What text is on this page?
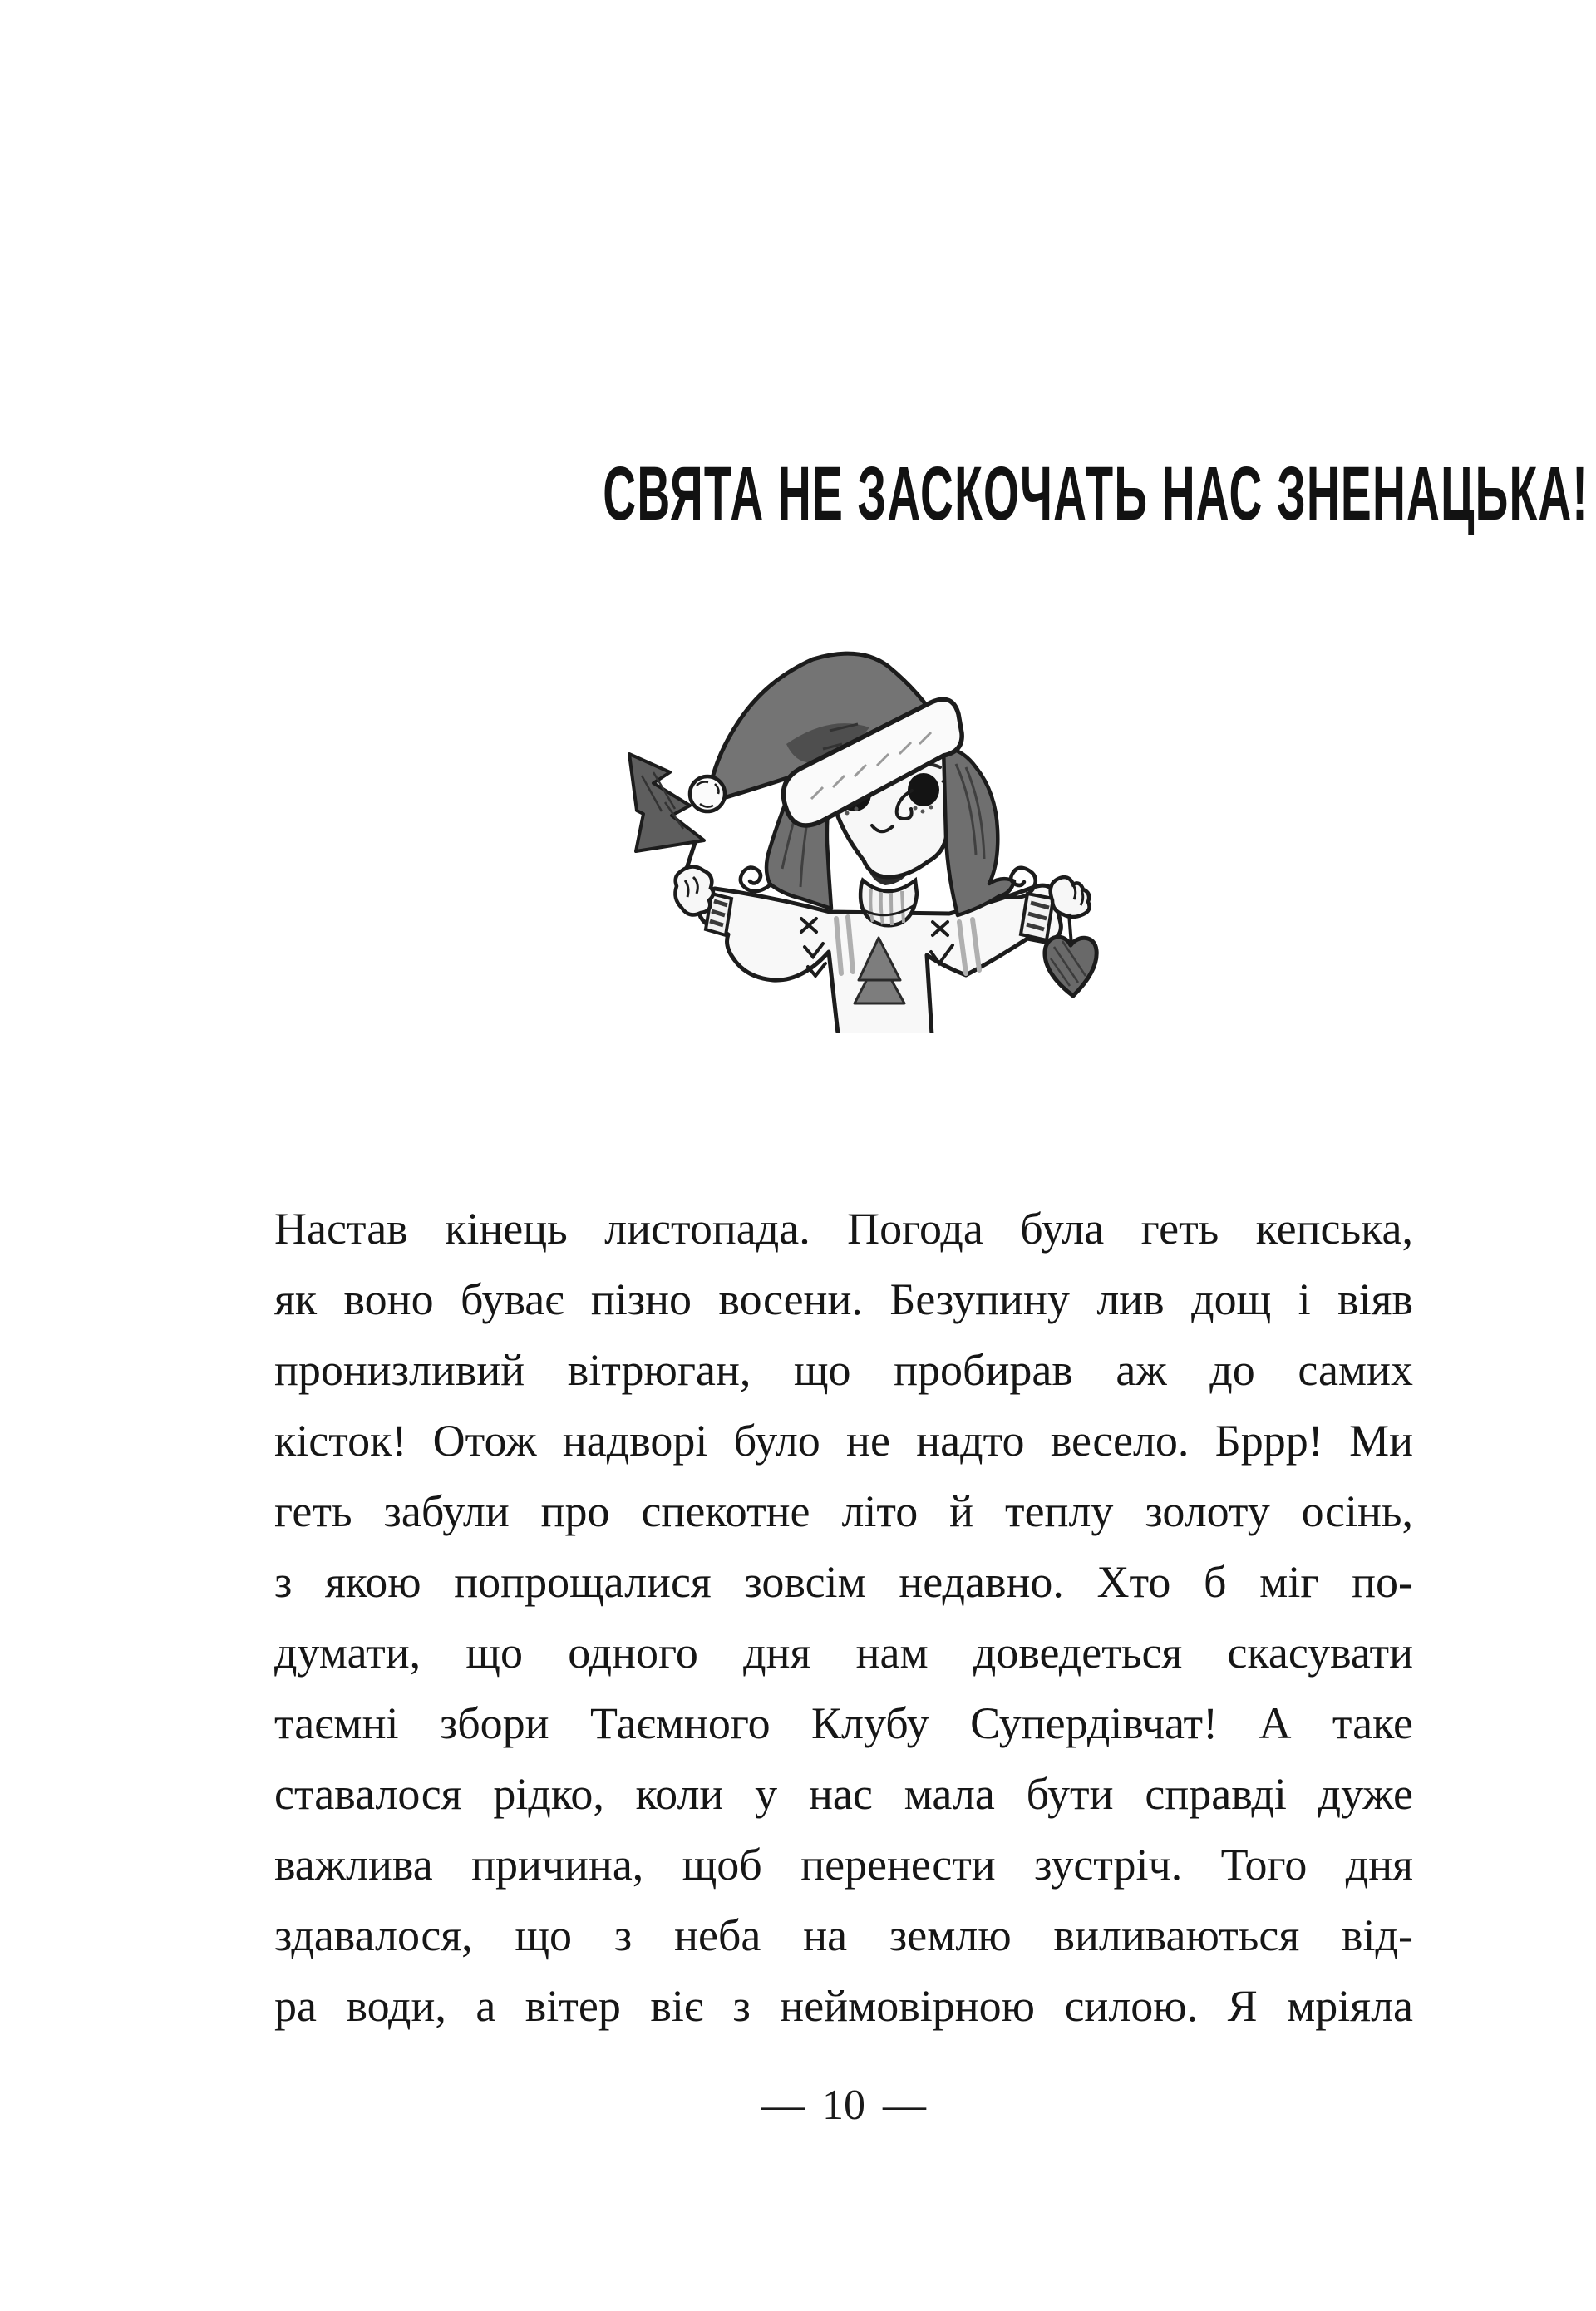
СВЯТА НЕ ЗАСКОЧАТЬ НАС ЗНЕНАЦЬКА!
Настав кінець листопада. Погода була геть кепська,
як воно буває пізно восени. Безупину лив дощ і віяв
пронизливий вітрюган, що пробирав аж до самих
кісток! Отож надворі було не надто весело. Бррр! Ми
геть забули про спекотне літо й теплу золоту осінь,
з якою попрощалися зовсім недавно. Хто б міг по-
думати, що одного дня нам доведеться скасувати
таємні збори Таємного Клубу Супердівчат! А таке
ставалося рідко, коли у нас мала бути справді дуже
важлива причина, щоб перенести зустріч. Того дня
здавалося, що з неба на землю виливаються від-
ра води, а вітер віє з неймовірною силою. Я мріяла
— 10 —
